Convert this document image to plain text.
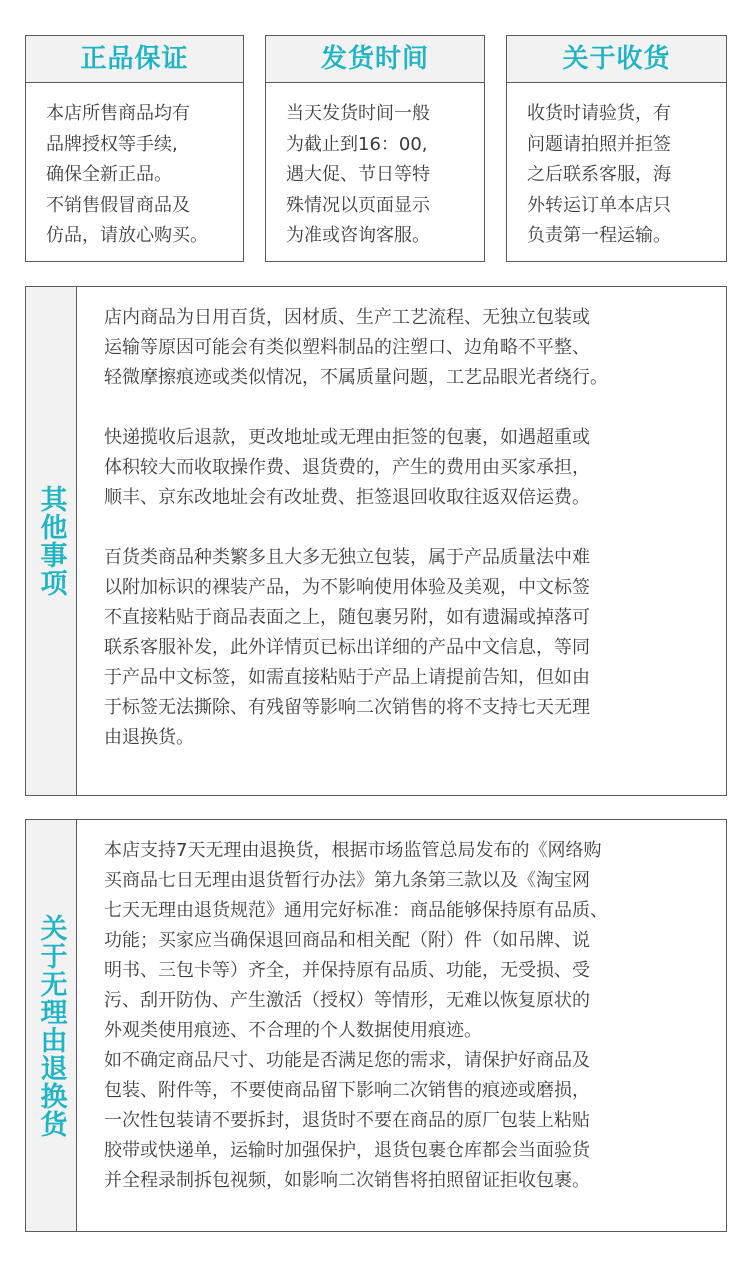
正品保证
本店所售商品均有
品牌授权等手续,
确保全新正品。
不销售假冒商品及
仿品，请放心购买。
发货时间
当天发货时间一般
为截止到16：00,
遇大促、节日等特
殊情况以页面显示
为准或咨询客服。
关于收货
收货时请验货，有
问题请拍照并拒签
之后联系客服，海
外转运订单本店只
负责第一程运输。
其他事项

店内商品为日用百货，因材质、生产工艺流程、无独立包装或
运输等原因可能会有类似塑料制品的注塑口、边角略不平整、
轻微摩擦痕迹或类似情况，不属质量问题，工艺品眼光者绕行。

快递揽收后退款，更改地址或无理由拒签的包裹，如遇超重或
体积较大而收取操作费、退货费的，产生的费用由买家承担，
顺丰、京东改地址会有改址费、拒签退回收取往返双倍运费。

百货类商品种类繁多且大多无独立包装，属于产品质量法中难
以附加标识的裸装产品，为不影响使用体验及美观，中文标签
不直接粘贴于商品表面之上，随包裹另附，如有遗漏或掉落可
联系客服补发，此外详情页已标出详细的产品中文信息，等同
于产品中文标签，如需直接粘贴于产品上请提前告知，但如由
于标签无法撕除、有残留等影响二次销售的将不支持七天无理
由退换货。

关于无理由退换货

本店支持7天无理由退换货，根据市场监管总局发布的《网络购
买商品七日无理由退货暂行办法》第九条第三款以及《淘宝网
七天无理由退货规范》通用完好标准：商品能够保持原有品质、
功能；买家应当确保退回商品和相关配（附）件（如吊牌、说
明书、三包卡等）齐全，并保持原有品质、功能，无受损、受
污、刮开防伪、产生激活（授权）等情形，无难以恢复原状的
外观类使用痕迹、不合理的个人数据使用痕迹。

如不确定商品尺寸、功能是否满足您的需求，请保护好商品及
包装、附件等，不要使商品留下影响二次销售的痕迹或磨损，
一次性包装请不要拆封，退货时不要在商品的原厂包装上粘贴
胶带或快递单，运输时加强保护，退货包裹仓库都会当面验货
并全程录制拆包视频，如影响二次销售将拍照留证拒收包裹。
